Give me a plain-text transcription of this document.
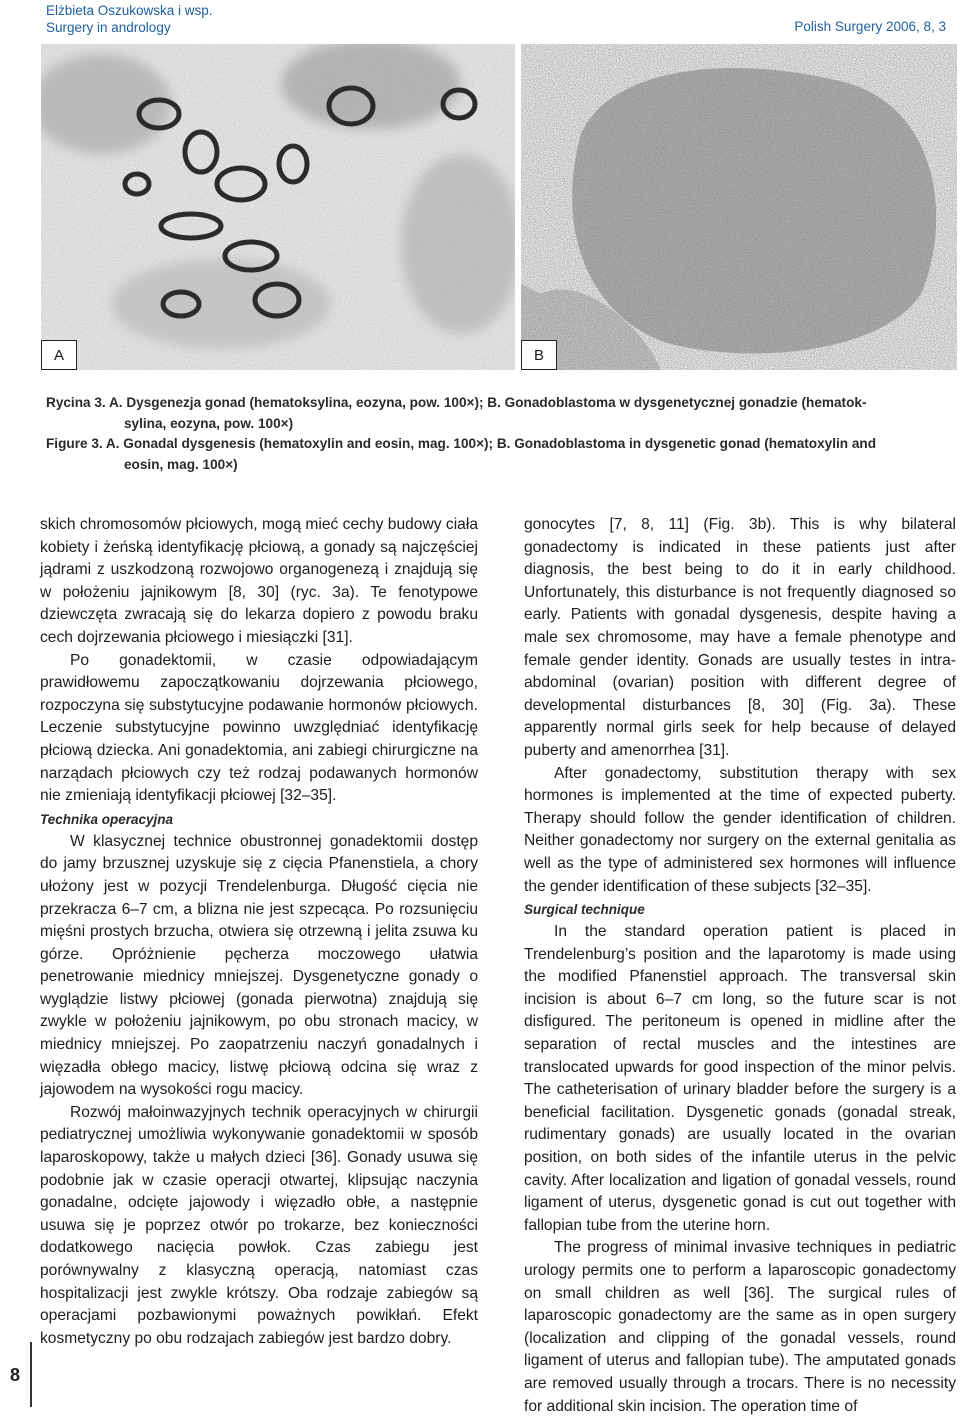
Elżbieta Oszukowska i wsp.
Surgery in andrology	Polish Surgery 2006, 8, 3
A	B
Rycina 3. A. Dysgenezja gonad (hematoksylina, eozyna, pow. 100×); B. Gonadoblastoma w dysgenetycznej gonadzie (hematok-
sylina, eozyna, pow. 100×)
Figure 3. A. Gonadal dysgenesis (hematoxylin and eosin, mag. 100×); B. Gonadoblastoma in dysgenetic gonad (hematoxylin and
eosin, mag. 100×)

skich chromosomów płciowych, mogą mieć cechy budowy ciała kobiety i żeńską identyfikację płciową, a gonady są najczęściej jądrami z uszkodzoną rozwojowo organogenezą i znajdują się w położeniu jajnikowym [8, 30] (ryc. 3a). Te fenotypowe dziewczęta zwracają się do lekarza dopiero z powodu braku cech dojrzewania płciowego i miesiączki [31].

Po gonadektomii, w czasie odpowiadającym prawidłowemu zapoczątkowaniu dojrzewania płciowego, rozpoczyna się substytucyjne podawanie hormonów płciowych. Leczenie substytucyjne powinno uwzględniać identyfikację płciową dziecka. Ani gonadektomia, ani zabiegi chirurgiczne na narządach płciowych czy też rodzaj podawanych hormonów nie zmieniają identyfikacji płciowej [32–35].

Technika operacyjna

W klasycznej technice obustronnej gonadektomii dostęp do jamy brzusznej uzyskuje się z cięcia Pfanenstiela, a chory ułożony jest w pozycji Trendelenburga. Długość cięcia nie przekracza 6–7 cm, a blizna nie jest szpecąca. Po rozsunięciu mięśni prostych brzucha, otwiera się otrzewną i jelita zsuwa ku górze. Opróżnienie pęcherza moczowego ułatwia penetrowanie miednicy mniejszej. Dysgenetyczne gonady o wyglądzie listwy płciowej (gonada pierwotna) znajdują się zwykle w położeniu jajnikowym, po obu stronach macicy, w miednicy mniejszej. Po zaopatrzeniu naczyń gonadalnych i więzadła obłego macicy, listwę płciową odcina się wraz z jajowodem na wysokości rogu macicy.

Rozwój małoinwazyjnych technik operacyjnych w chirurgii pediatrycznej umożliwia wykonywanie gonadektomii w sposób laparoskopowy, także u małych dzieci [36]. Gonady usuwa się podobnie jak w czasie operacji otwartej, klipsując naczynia gonadalne, odcięte jajowody i więzadło obłe, a następnie usuwa się je poprzez otwór po trokarze, bez konieczności dodatkowego nacięcia powłok. Czas zabiegu jest porównywalny z klasyczną operacją, natomiast czas hospitalizacji jest zwykle krótszy. Oba rodzaje zabiegów są operacjami pozbawionymi poważnych powikłań. Efekt kosmetyczny po obu rodzajach zabiegów jest bardzo dobry.

gonocytes [7, 8, 11] (Fig. 3b). This is why bilateral gonadectomy is indicated in these patients just after diagnosis, the best being to do it in early childhood. Unfortunately, this disturbance is not frequently diagnosed so early. Patients with gonadal dysgenesis, despite having a male sex chromosome, may have a female phenotype and female gender identity. Gonads are usually testes in intra-abdominal (ovarian) position with different degree of developmental disturbances [8, 30] (Fig. 3a). These apparently normal girls seek for help because of delayed puberty and amenorrhea [31].

After gonadectomy, substitution therapy with sex hormones is implemented at the time of expected puberty. Therapy should follow the gender identification of children. Neither gonadectomy nor surgery on the external genitalia as well as the type of administered sex hormones will influence the gender identification of these subjects [32–35].

Surgical technique

In the standard operation patient is placed in Trendelenburg’s position and the laparotomy is made using the modified Pfanenstiel approach. The transversal skin incision is about 6–7 cm long, so the future scar is not disfigured. The peritoneum is opened in midline after the separation of rectal muscles and the intestines are translocated upwards for good inspection of the minor pelvis. The catheterisation of urinary bladder before the surgery is a beneficial facilitation. Dysgenetic gonads (gonadal streak, rudimentary gonads) are usually located in the ovarian position, on both sides of the infantile uterus in the pelvic cavity. After localization and ligation of gonadal vessels, round ligament of uterus, dysgenetic gonad is cut out together with fallopian tube from the uterine horn.

The progress of minimal invasive techniques in pediatric urology permits one to perform a laparoscopic gonadectomy on small children as well [36]. The surgical rules of laparoscopic gonadectomy are the same as in open surgery (localization and clipping of the gonadal vessels, round ligament of uterus and fallopian tube). The amputated gonads are removed usually through a trocars. There is no necessity for additional skin incision. The operation time of

8
